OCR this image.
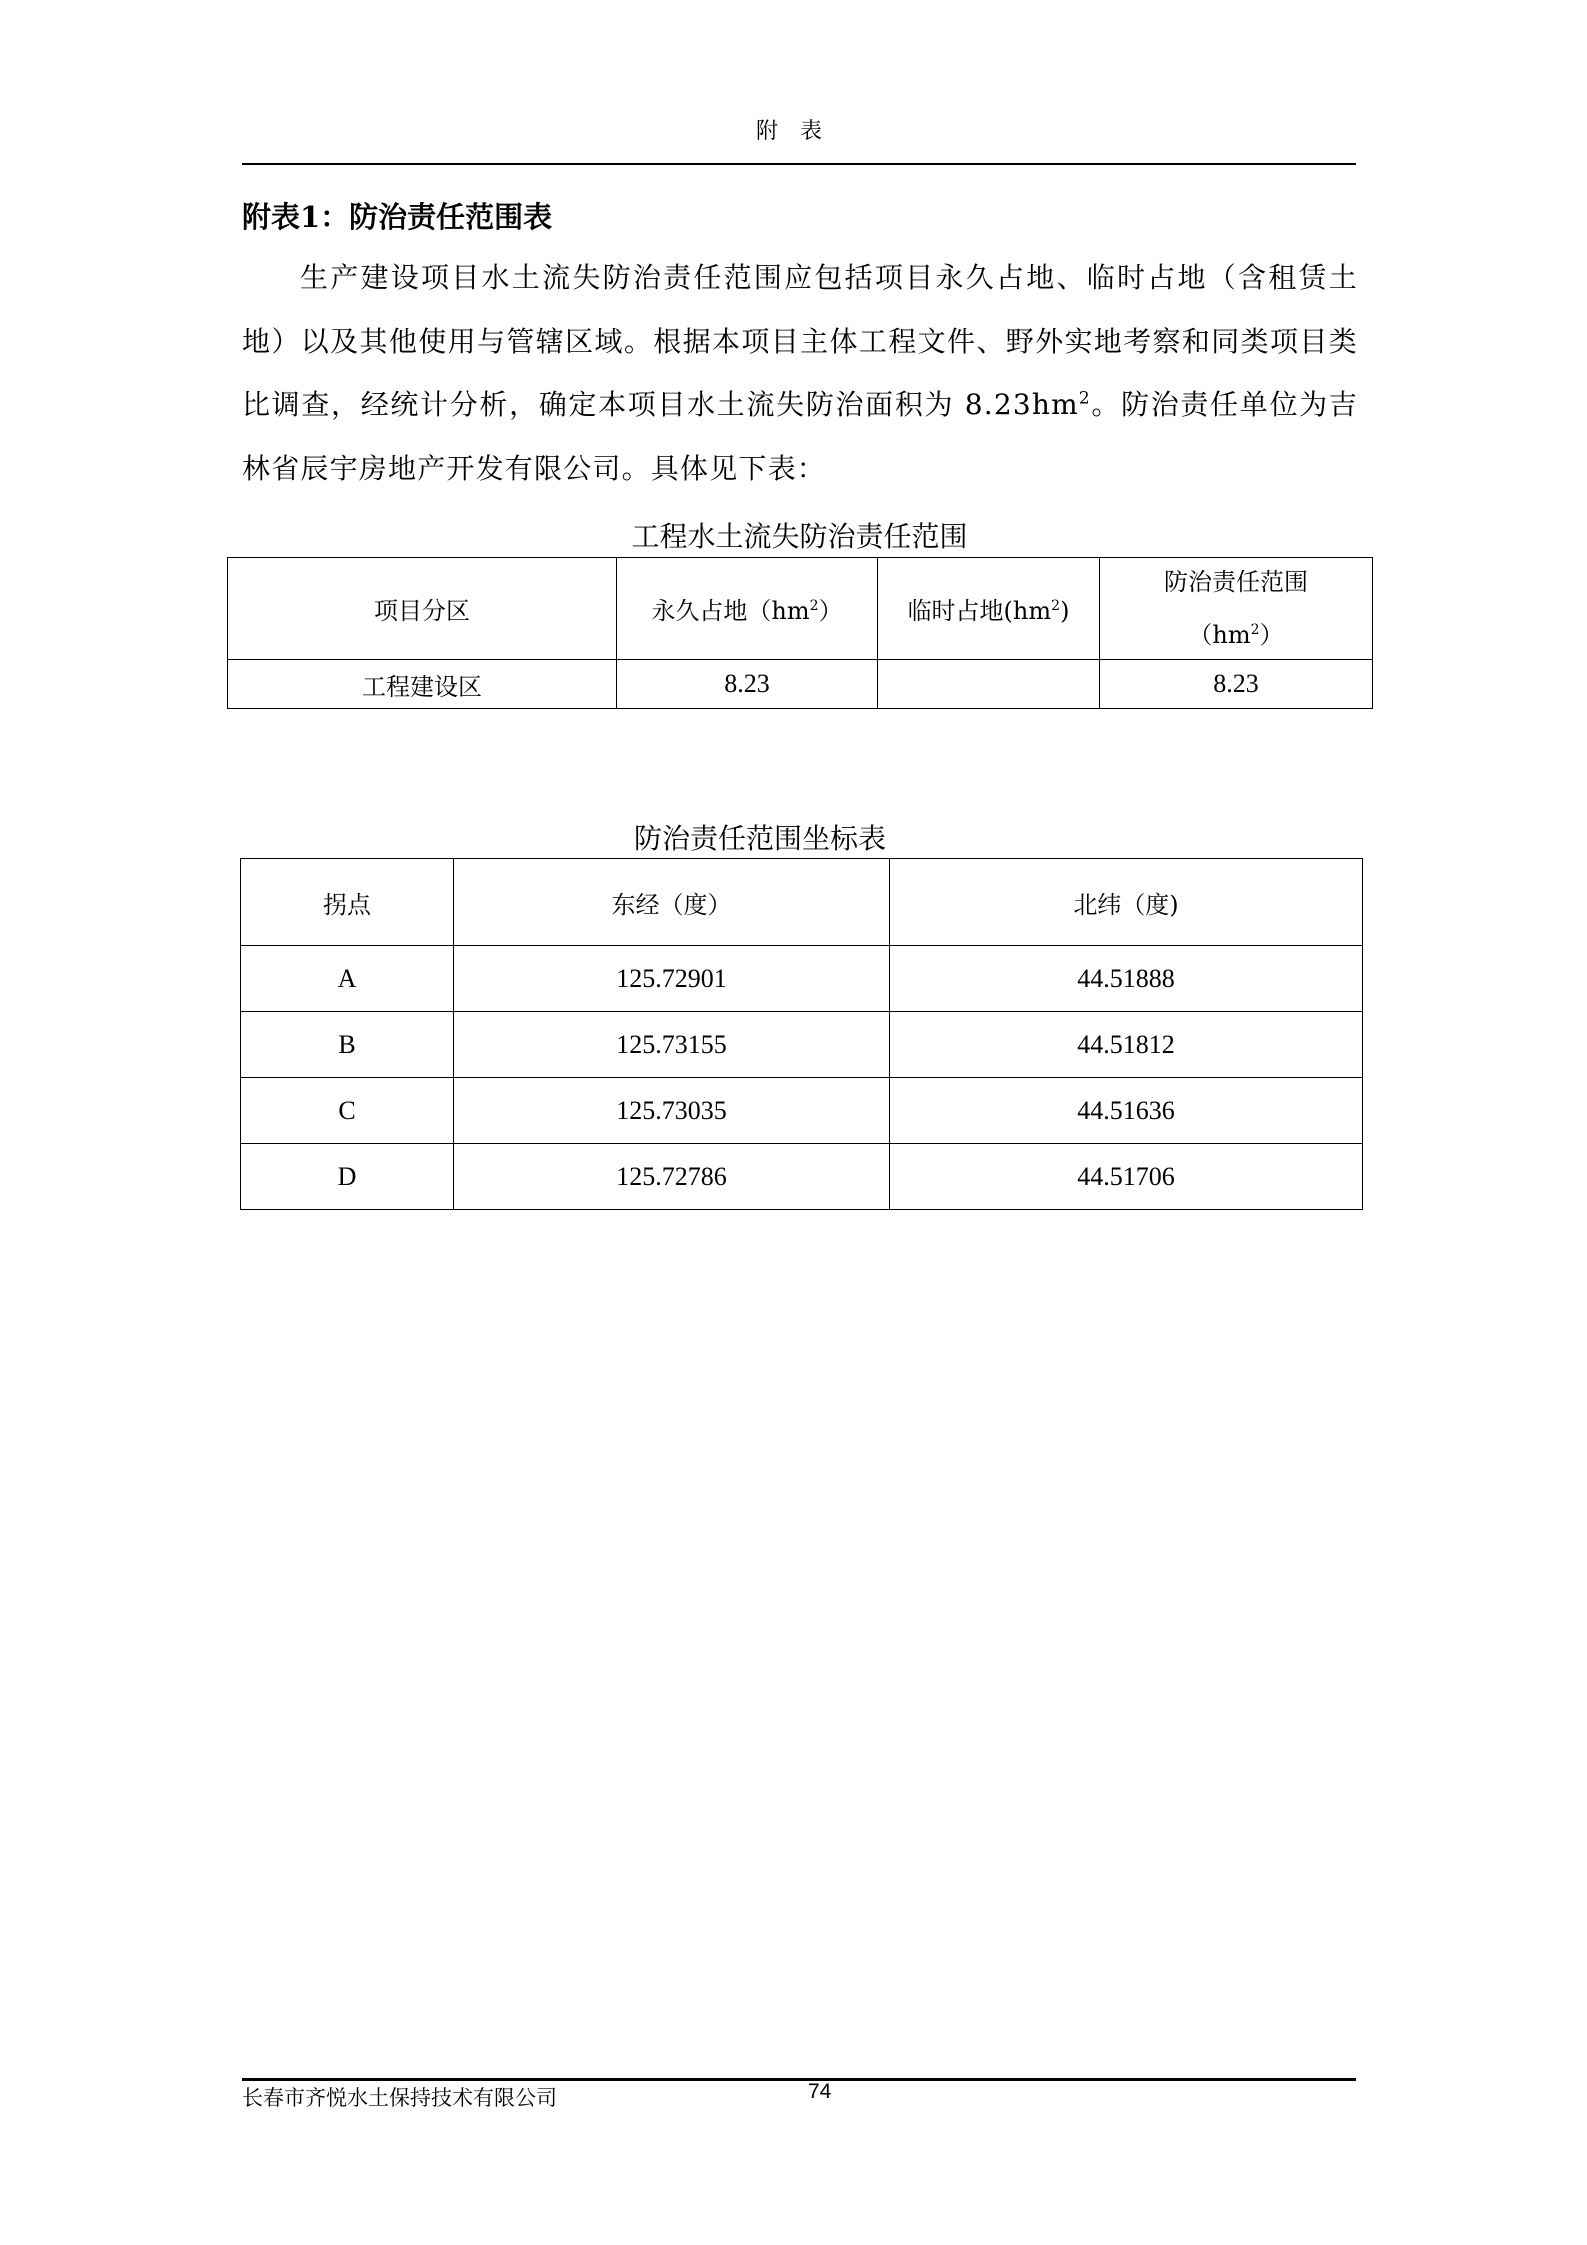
附表
附表1：防治责任范围表
生产建设项目水土流失防治责任范围应包括项目永久占地、临时占地（含租赁土地）以及其他使用与管辖区域。根据本项目主体工程文件、野外实地考察和同类项目类比调查，经统计分析，确定本项目水土流失防治面积为 $8.23hm^2$。防治责任单位为吉林省辰宇房地产开发有限公司。具体见下表：
工程水土流失防治责任范围
项目分区	永久占地$(hm^2)$	临时占地$(hm^2)$	防治责任范围$(hm^2)$
工程建设区	8.23		8.23
防治责任范围坐标表
拐点	东经（度）	北纬（度)
A	125.72901	44.51888
B	125.73155	44.51812
C	125.73035	44.51636
D	125.72786	44.51706
长春市齐悦水土保持技术有限公司	74
